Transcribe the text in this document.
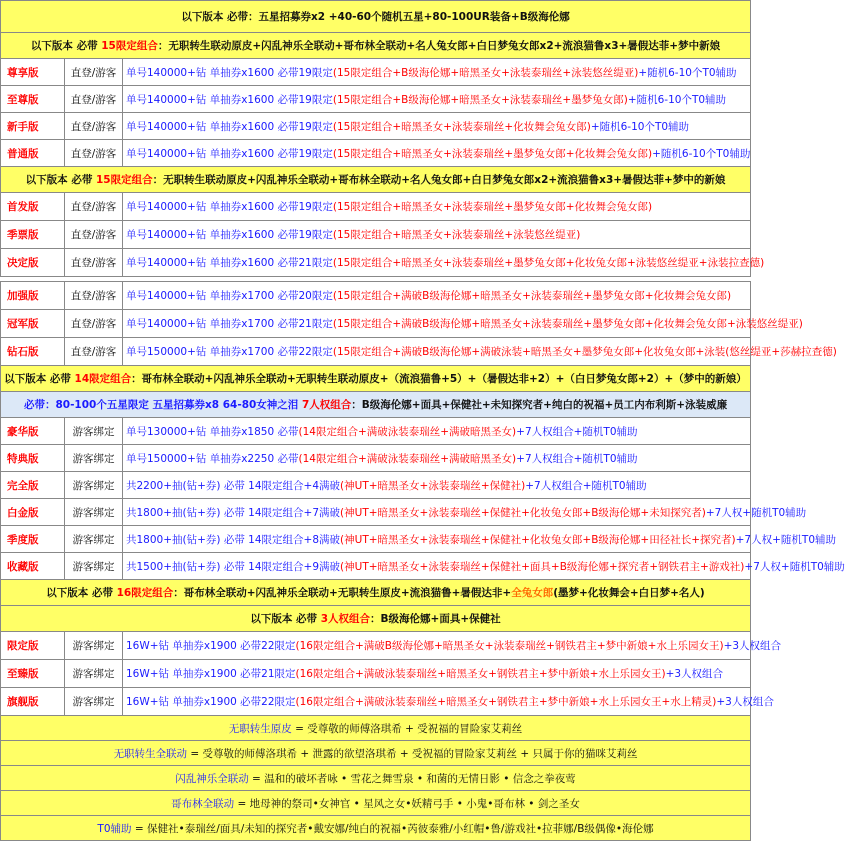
以下版本 必带：五星招募券x2 +40-60个随机五星+80-100UR装备+B级海伦娜		
以下版本 必带 15限定组合：无职转生联动原皮+闪乱神乐全联动+哥布林全联动+名人兔女郎+白日梦兔女郎x2+流浪猫鲁x3+暑假达菲+梦中新娘		
尊享版	直登/游客	单号140000+钻 单抽券x1600 必带19限定(15限定组合+B级海伦娜+暗黑圣女+泳装泰瑞丝+泳装悠丝缇亚)+随机6-10个T0辅助
至尊版	直登/游客	单号140000+钻 单抽券x1600 必带19限定(15限定组合+B级海伦娜+暗黑圣女+泳装泰瑞丝+墨梦兔女郎)+随机6-10个T0辅助
新手版	直登/游客	单号140000+钻 单抽券x1600 必带19限定(15限定组合+暗黑圣女+泳装泰瑞丝+化妆舞会兔女郎)+随机6-10个T0辅助
普通版	直登/游客	单号140000+钻 单抽券x1600 必带19限定(15限定组合+暗黑圣女+泳装泰瑞丝+墨梦兔女郎+化妆舞会兔女郎)+随机6-10个T0辅助
以下版本 必带 15限定组合：无职转生联动原皮+闪乱神乐全联动+哥布林全联动+名人兔女郎+白日梦兔女郎x2+流浪猫鲁x3+暑假达菲+梦中的新娘		
首发版	直登/游客	单号140000+钻 单抽券x1600 必带19限定(15限定组合+暗黑圣女+泳装泰瑞丝+墨梦兔女郎+化妆舞会兔女郎)
季票版	直登/游客	单号140000+钻 单抽券x1600 必带19限定(15限定组合+暗黑圣女+泳装泰瑞丝+泳装悠丝缇亚)
决定版	直登/游客	单号140000+钻 单抽券x1600 必带21限定(15限定组合+暗黑圣女+泳装泰瑞丝+墨梦兔女郎+化妆兔女郎+泳装悠丝缇亚+泳装拉查德)

加强版	直登/游客	单号140000+钻 单抽券x1700 必带20限定(15限定组合+满破B级海伦娜+暗黑圣女+泳装泰瑞丝+墨梦兔女郎+化妆舞会兔女郎)
冠军版	直登/游客	单号140000+钻 单抽券x1700 必带21限定(15限定组合+满破B级海伦娜+暗黑圣女+泳装泰瑞丝+墨梦兔女郎+化妆舞会兔女郎+泳装悠丝缇亚)
钻石版	直登/游客	单号150000+钻 单抽券x1700 必带22限定(15限定组合+满破B级海伦娜+满破泳装+暗黑圣女+墨梦兔女郎+化妆兔女郎+泳装(悠丝缇亚+莎赫拉查德)
以下版本 必带 14限定组合：哥布林全联动+闪乱神乐全联动+无职转生联动原皮+（流浪猫鲁+5）+（暑假达非+2）+（白日梦兔女郎+2）+（梦中的新娘）		
必带：80-100个五星限定 五星招募券x8 64-80女神之泪 7人权组合：B级海伦娜+面具+保健社+未知探究者+纯白的祝福+员工内布利斯+泳装威廉		
豪华版	游客绑定	单号130000+钻 单抽券x1850 必带(14限定组合+满破泳装泰瑞丝+满破暗黑圣女)+7人权组合+随机T0辅助
特典版	游客绑定	单号150000+钻 单抽券x2250 必带(14限定组合+满破泳装泰瑞丝+满破暗黑圣女)+7人权组合+随机T0辅助
完全版	游客绑定	共2200+抽(钻+券) 必带 14限定组合+4满破(神UT+暗黑圣女+泳装泰瑞丝+保健社)+7人权组合+随机T0辅助
白金版	游客绑定	共1800+抽(钻+券) 必带 14限定组合+7满破(神UT+暗黑圣女+泳装泰瑞丝+保健社+化妆兔女郎+B级海伦娜+未知探究者)+7人权+随机T0辅助
季度版	游客绑定	共1800+抽(钻+券) 必带 14限定组合+8满破(神UT+暗黑圣女+泳装泰瑞丝+保健社+化妆兔女郎+B级海伦娜+田径社长+探究者)+7人权+随机T0辅助
收藏版	游客绑定	共1500+抽(钻+券) 必带 14限定组合+9满破(神UT+暗黑圣女+泳装泰瑞丝+保健社+面具+B级海伦娜+探究者+钢铁君主+游戏社)+7人权+随机T0辅助
以下版本 必带 16限定组合：哥布林全联动+闪乱神乐全联动+无职转生原皮+流浪猫鲁+暑假达非+全兔女郎(墨梦+化妆舞会+白日梦+名人)		
以下版本 必带 3人权组合：B级海伦娜+面具+保健社		
限定版	游客绑定	16W+钻 单抽券x1900 必带22限定(16限定组合+满破B级海伦娜+暗黑圣女+泳装泰瑞丝+钢铁君主+梦中新娘+水上乐园女王)+3人权组合
至臻版	游客绑定	16W+钻 单抽券x1900 必带21限定(16限定组合+满破泳装泰瑞丝+暗黑圣女+钢铁君主+梦中新娘+水上乐园女王)+3人权组合
旗舰版	游客绑定	16W+钻 单抽券x1900 必带22限定(16限定组合+满破泳装泰瑞丝+暗黑圣女+钢铁君主+梦中新娘+水上乐园女王+水上精灵)+3人权组合
无职转生原皮 = 受尊敬的师傅洛琪希 + 受祝福的冒险家艾莉丝		
无职转生全联动 = 受尊敬的师傅洛琪希 + 泄露的欲望洛琪希 + 受祝福的冒险家艾莉丝 + 只属于你的猫咪艾莉丝		
闪乱神乐全联动 = 温和的破坏者咏 • 雪花之舞雪泉 • 和菌的无情日影 • 信念之拳夜莺		
哥布林全联动 = 地母神的祭司•女神官 • 星风之女•妖精弓手 • 小鬼•哥布林 • 剑之圣女		
T0辅助 = 保健社•泰瑞丝/面具/未知的探究者•戴安娜/纯白的祝福•芮彼泰雅/小红帽•鲁/游戏社•拉菲娜/B级偶像•海伦娜		
